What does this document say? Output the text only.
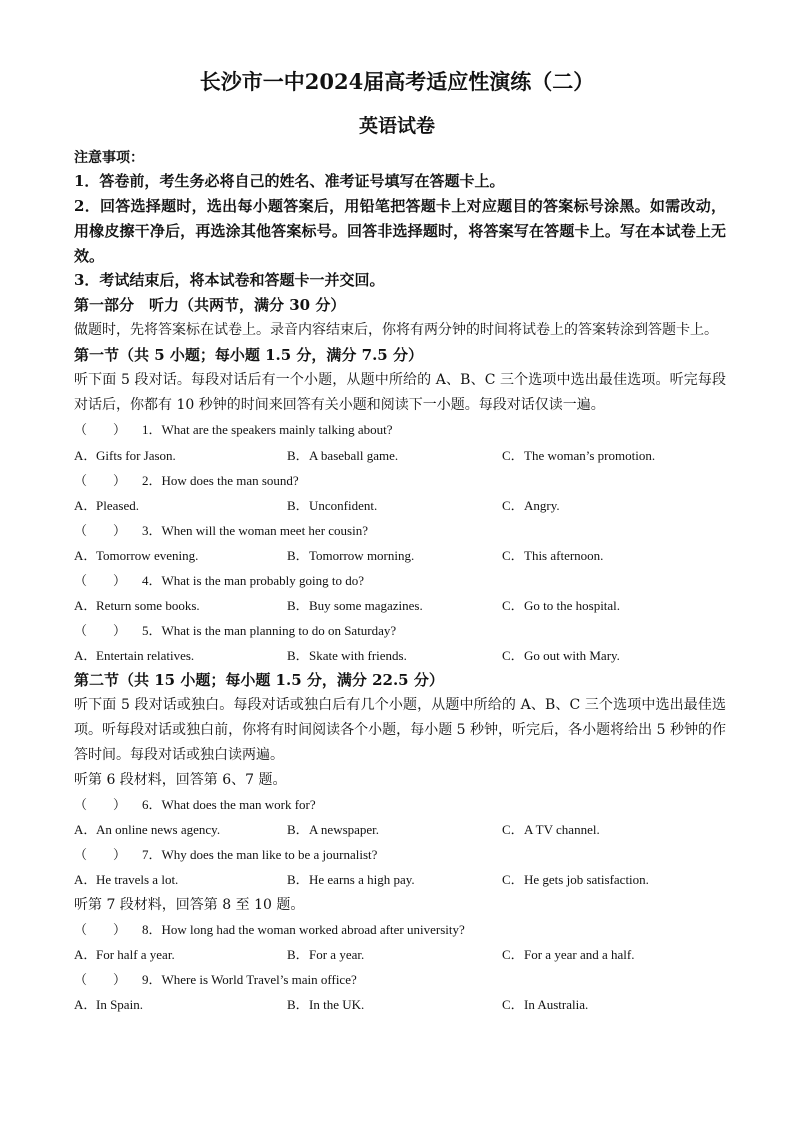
长沙市一中2024届高考适应性演练（二）
英语试卷
注意事项：
1．答卷前，考生务必将自己的姓名、准考证号填写在答题卡上。
2．回答选择题时，选出每小题答案后，用铅笔把答题卡上对应题目的答案标号涂黑。如需改动，用橡皮擦干净后，再选涂其他答案标号。回答非选择题时，将答案写在答题卡上。写在本试卷上无效。
3．考试结束后，将本试卷和答题卡一并交回。
第一部分　听力（共两节，满分 30 分）
做题时，先将答案标在试卷上。录音内容结束后，你将有两分钟的时间将试卷上的答案转涂到答题卡上。
第一节（共 5 小题；每小题 1.5 分，满分 7.5 分）
听下面 5 段对话。每段对话后有一个小题，从题中所给的 A、B、C 三个选项中选出最佳选项。听完每段对话后，你都有 10 秒钟的时间来回答有关小题和阅读下一小题。每段对话仅读一遍。
（　　） 1．What are the speakers mainly talking about?
A．Gifts for Jason.	B．A baseball game.	C．The woman’s promotion.
（　　） 2．How does the man sound?
A．Pleased.	B．Unconfident.	C．Angry.
（　　） 3．When will the woman meet her cousin?
A．Tomorrow evening.	B．Tomorrow morning.	C．This afternoon.
（　　） 4．What is the man probably going to do?
A．Return some books.	B．Buy some magazines.	C．Go to the hospital.
（　　） 5．What is the man planning to do on Saturday?
A．Entertain relatives.	B．Skate with friends.	C．Go out with Mary.
第二节（共 15 小题；每小题 1.5 分，满分 22.5 分）
听下面 5 段对话或独白。每段对话或独白后有几个小题，从题中所给的 A、B、C 三个选项中选出最佳选项。听每段对话或独白前，你将有时间阅读各个小题，每小题 5 秒钟，听完后，各小题将给出 5 秒钟的作答时间。每段对话或独白读两遍。
听第 6 段材料，回答第 6、7 题。
（　　） 6．What does the man work for?
A．An online news agency.	B．A newspaper.	C．A TV channel.
（　　） 7．Why does the man like to be a journalist?
A．He travels a lot.	B．He earns a high pay.	C．He gets job satisfaction.
听第 7 段材料，回答第 8 至 10 题。
（　　） 8．How long had the woman worked abroad after university?
A．For half a year.	B．For a year.	C．For a year and a half.
（　　） 9．Where is World Travel’s main office?
A．In Spain.	B．In the UK.	C．In Australia.
